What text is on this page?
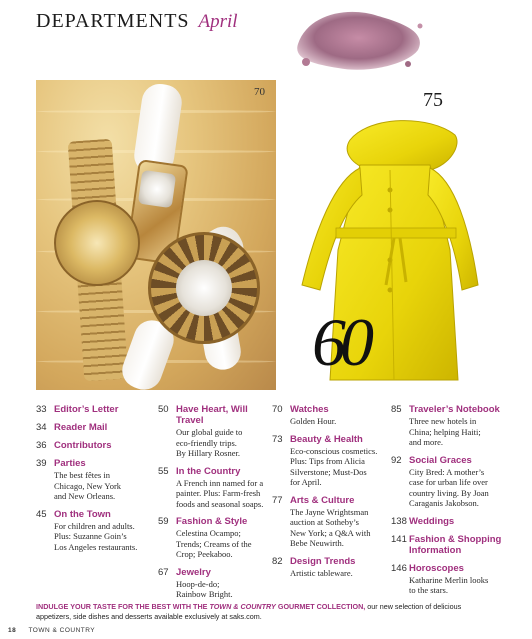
DEPARTMENTS April
70	75
60
33 Editor’s Letter
34 Reader Mail
36 Contributors
39 Parties
The best fêtes in
Chicago, New York
and New Orleans.
45 On the Town
For children and adults.
Plus: Suzanne Goin’s
Los Angeles restaurants.
50 Have Heart, Will Travel
Our global guide to
eco-friendly trips.
By Hillary Rosner.
55 In the Country
A French inn named for a
painter. Plus: Farm-fresh
foods and seasonal soaps.
59 Fashion & Style
Celestina Ocampo;
Trends; Creams of the
Crop; Peekaboo.
67 Jewelry
Hoop-de-do;
Rainbow Bright.
70 Watches
Golden Hour.
73 Beauty & Health
Eco-conscious cosmetics.
Plus: Tips from Alicia
Silverstone; Must-Dos
for April.
77 Arts & Culture
The Jayne Wrightsman
auction at Sotheby’s
New York; a Q&A with
Bebe Neuwirth.
82 Design Trends
Artistic tableware.
85 Traveler’s Notebook
Three new hotels in
China; helping Haiti;
and more.
92 Social Graces
City Bred: A mother’s
case for urban life over
country living. By Joan
Caraganis Jakobson.
138 Weddings
141 Fashion & Shopping Information
146 Horoscopes
Katharine Merlin looks
to the stars.
INDULGE YOUR TASTE FOR THE BEST WITH THE TOWN & COUNTRY GOURMET COLLECTION, our new selection of delicious
appetizers, side dishes and desserts available exclusively at saks.com.
18 TOWN & COUNTRY
